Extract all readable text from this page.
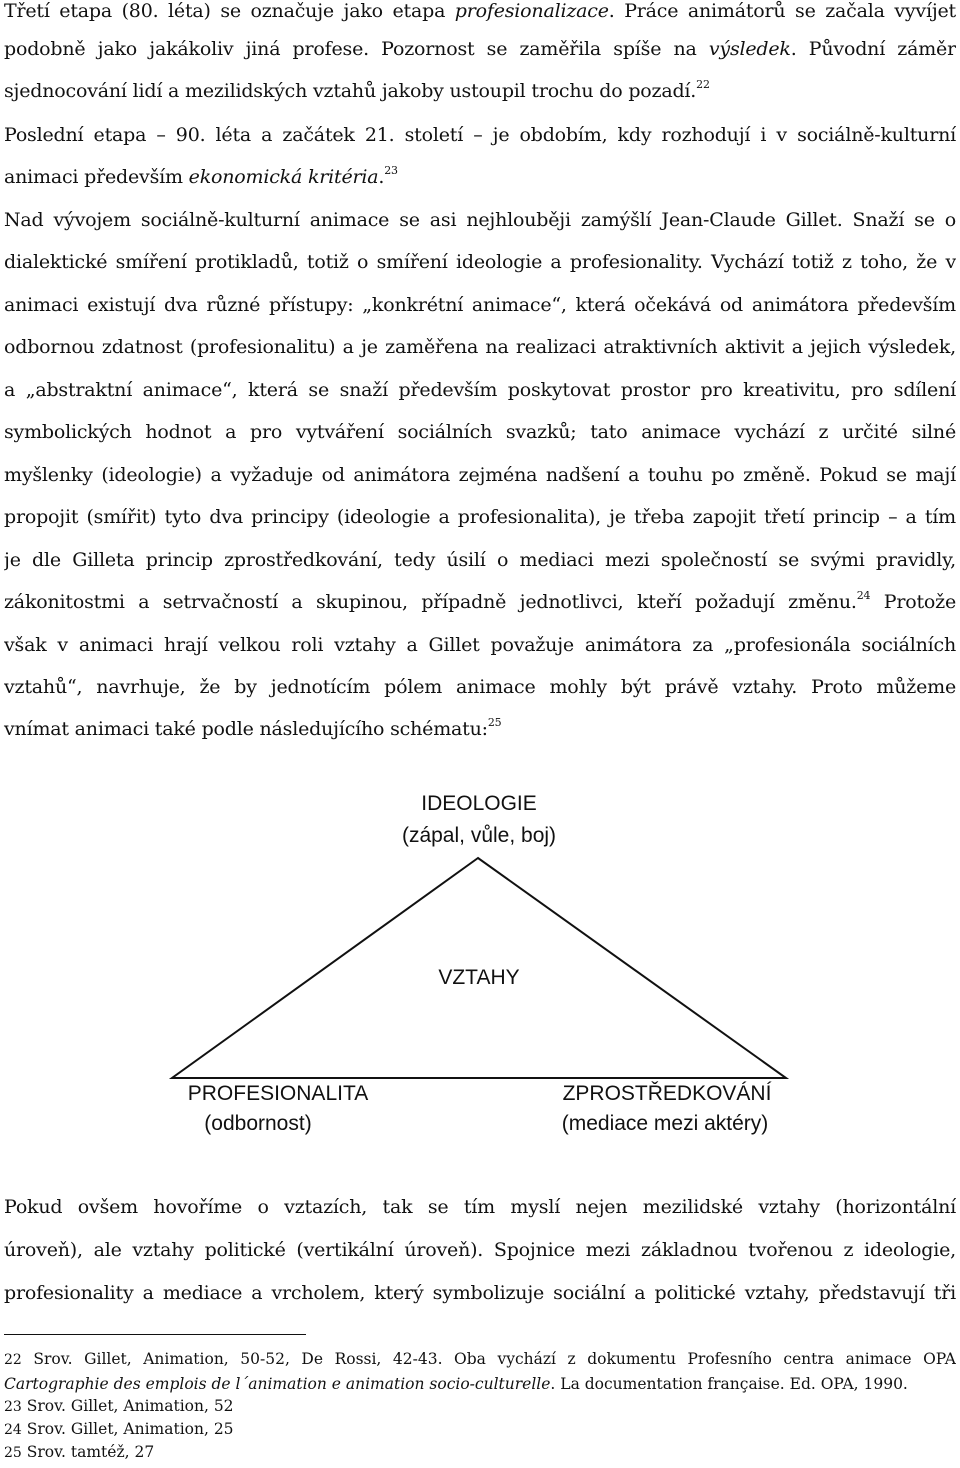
Třetí etapa (80. léta) se označuje jako etapa profesionalizace. Práce animátorů se začala vyvíjet
podobně jako jakákoliv jiná profese. Pozornost se zaměřila spíše na výsledek. Původní záměr
sjednocování lidí a mezilidských vztahů jakoby ustoupil trochu do pozadí.$^{22}$
Poslední etapa – 90. léta a začátek 21. století – je obdobím, kdy rozhodují i v sociálně-kulturní
animaci především ekonomická kritéria.$^{23}$
Nad vývojem sociálně-kulturní animace se asi nejhlouběji zamýšlí Jean-Claude Gillet. Snaží se o
dialektické smíření protikladů, totiž o smíření ideologie a profesionality. Vychází totiž z toho, že v
animaci existují dva různé přístupy: „konkrétní animace“, která očekává od animátora především
odbornou zdatnost (profesionalitu) a je zaměřena na realizaci atraktivních aktivit a jejich výsledek,
a „abstraktní animace“, která se snaží především poskytovat prostor pro kreativitu, pro sdílení
symbolických hodnot a pro vytváření sociálních svazků; tato animace vychází z určité silné
myšlenky (ideologie) a vyžaduje od animátora zejména nadšení a touhu po změně. Pokud se mají
propojit (smířit) tyto dva principy (ideologie a profesionalita), je třeba zapojit třetí princip – a tím
je dle Gilleta princip zprostředkování, tedy úsilí o mediaci mezi společností se svými pravidly,
zákonitostmi a setrvačností a skupinou, případně jednotlivci, kteří požadují změnu.$^{24}$ Protože
však v animaci hrají velkou roli vztahy a Gillet považuje animátora za „profesionála sociálních
vztahů“, navrhuje, že by jednotícím pólem animace mohly být právě vztahy. Proto můžeme
vnímat animaci také podle následujícího schématu:$^{25}$
IDEOLOGIE
(zápal, vůle, boj)
VZTAHY
PROFESIONALITA
(odbornost)
ZPROSTŘEDKOVÁNÍ
(mediace mezi aktéry)
Pokud ovšem hovoříme o vztazích, tak se tím myslí nejen mezilidské vztahy (horizontální
úroveň), ale vztahy politické (vertikální úroveň). Spojnice mezi základnou tvořenou z ideologie,
profesionality a mediace a vrcholem, který symbolizuje sociální a politické vztahy, představují tři
22 Srov. Gillet, Animation, 50-52, De Rossi, 42-43. Oba vychází z dokumentu Profesního centra animace OPA
Cartographie des emplois de l´animation e animation socio-culturelle. La documentation française. Ed. OPA, 1990.
23 Srov. Gillet, Animation, 52
24 Srov. Gillet, Animation, 25
25 Srov. tamtéž, 27
